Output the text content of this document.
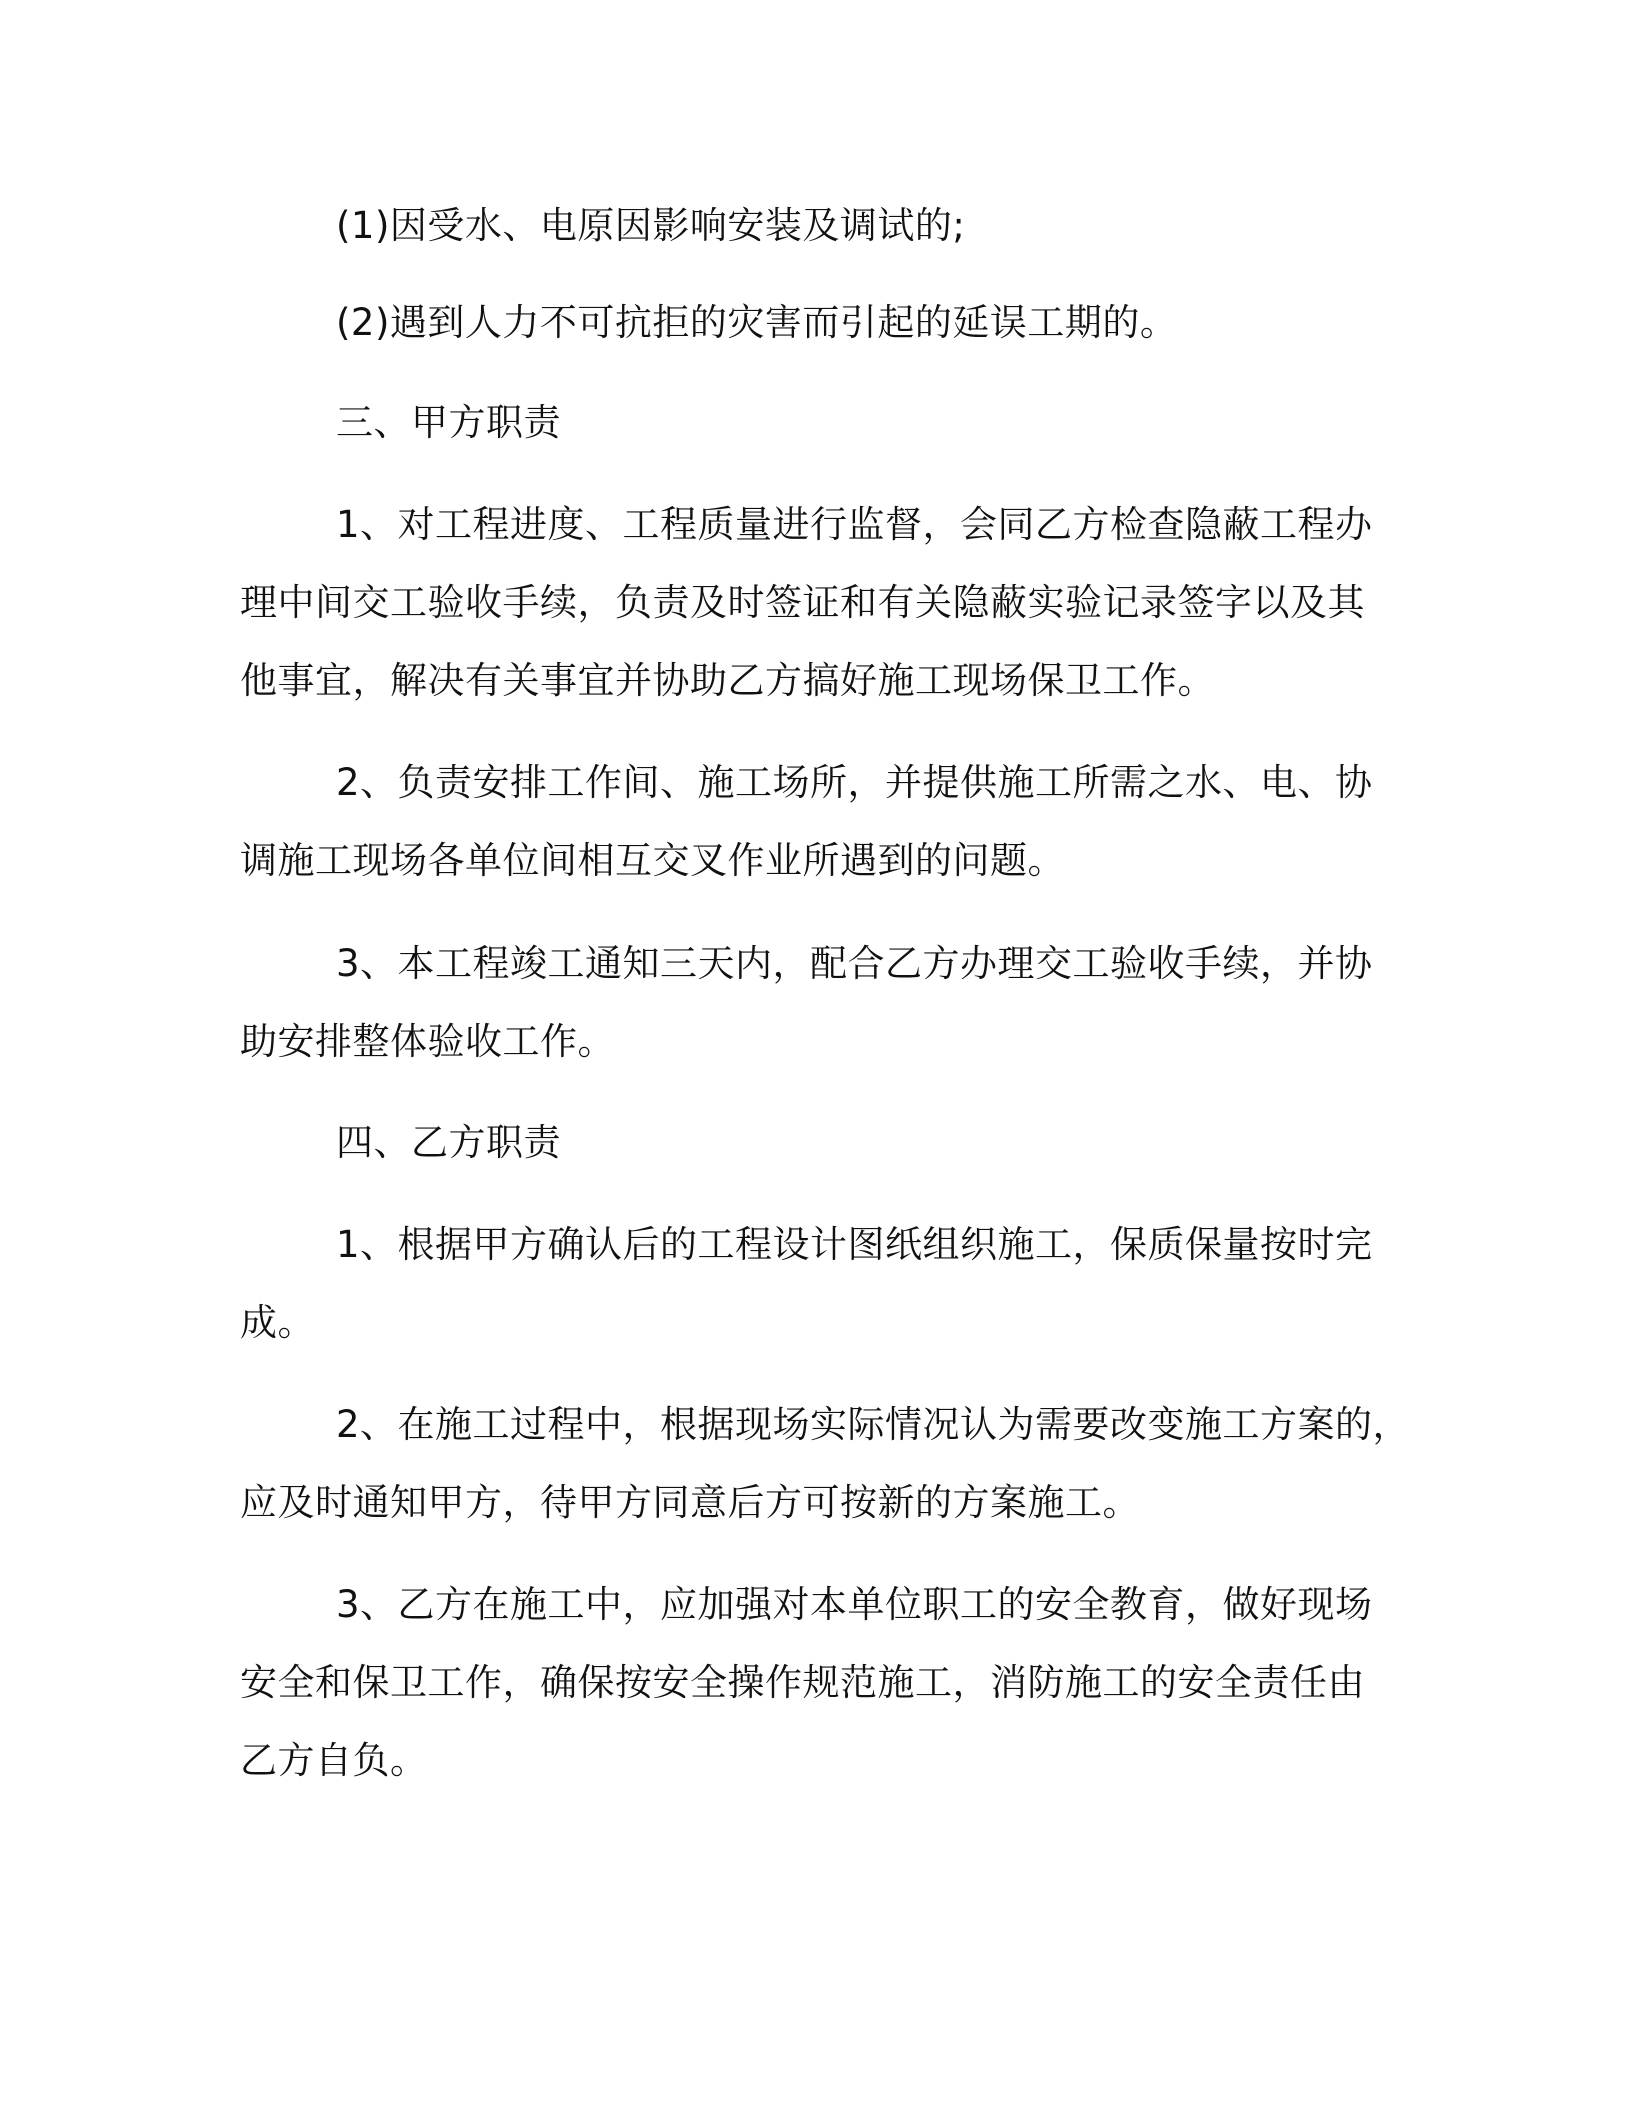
(1)因受水、电原因影响安装及调试的;

(2)遇到人力不可抗拒的灾害而引起的延误工期的。

三、甲方职责

1、对工程进度、工程质量进行监督，会同乙方检查隐蔽工程办
理中间交工验收手续，负责及时签证和有关隐蔽实验记录签字以及其
他事宜，解决有关事宜并协助乙方搞好施工现场保卫工作。

2、负责安排工作间、施工场所，并提供施工所需之水、电、协
调施工现场各单位间相互交叉作业所遇到的问题。

3、本工程竣工通知三天内，配合乙方办理交工验收手续，并协
助安排整体验收工作。

四、乙方职责

1、根据甲方确认后的工程设计图纸组织施工，保质保量按时完
成。

2、在施工过程中，根据现场实际情况认为需要改变施工方案的，
应及时通知甲方，待甲方同意后方可按新的方案施工。

3、乙方在施工中，应加强对本单位职工的安全教育，做好现场
安全和保卫工作，确保按安全操作规范施工，消防施工的安全责任由
乙方自负。
